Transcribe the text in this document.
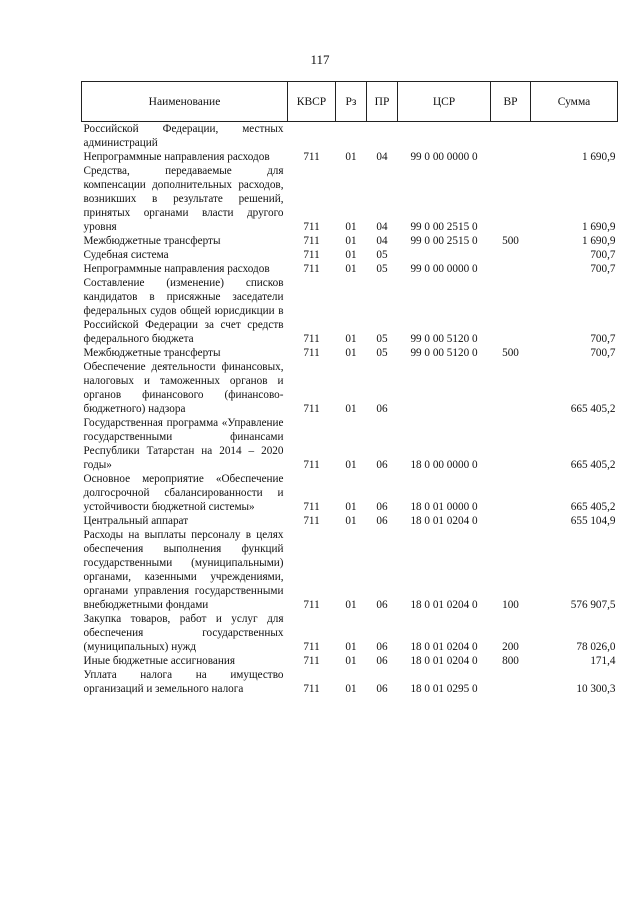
117
Наименование	КВСР	Рз	ПР	ЦСР	ВР	Сумма
Российской Федерации, местных администраций						
Непрограммные направления расходов	711	01	04	99 0 00 0000 0		1 690,9
Средства, передаваемые для компенсации дополнительных расходов, возникших в результате решений, принятых органами власти другого уровня	711	01	04	99 0 00 2515 0		1 690,9
Межбюджетные трансферты	711	01	04	99 0 00 2515 0	500	1 690,9
Судебная система	711	01	05			700,7
Непрограммные направления расходов	711	01	05	99 0 00 0000 0		700,7
Составление (изменение) списков кандидатов в присяжные заседатели федеральных судов общей юрисдикции в Российской Федерации за счет средств федерального бюджета	711	01	05	99 0 00 5120 0		700,7
Межбюджетные трансферты	711	01	05	99 0 00 5120 0	500	700,7
Обеспечение деятельности финансовых, налоговых и таможенных органов и органов финансового (финансово-бюджетного) надзора	711	01	06			665 405,2
Государственная программа «Управление государственными финансами Республики Татарстан на 2014 – 2020 годы»	711	01	06	18 0 00 0000 0		665 405,2
Основное мероприятие «Обеспечение долгосрочной сбалансированности и устойчивости бюджетной системы»	711	01	06	18 0 01 0000 0		665 405,2
Центральный аппарат	711	01	06	18 0 01 0204 0		655 104,9
Расходы на выплаты персоналу в целях обеспечения выполнения функций государственными (муниципальными) органами, казенными учреждениями, органами управления государственными внебюджетными фондами	711	01	06	18 0 01 0204 0	100	576 907,5
Закупка товаров, работ и услуг для обеспечения государственных (муниципальных) нужд	711	01	06	18 0 01 0204 0	200	78 026,0
Иные бюджетные ассигнования	711	01	06	18 0 01 0204 0	800	171,4
Уплата налога на имущество организаций и земельного налога	711	01	06	18 0 01 0295 0		10 300,3
